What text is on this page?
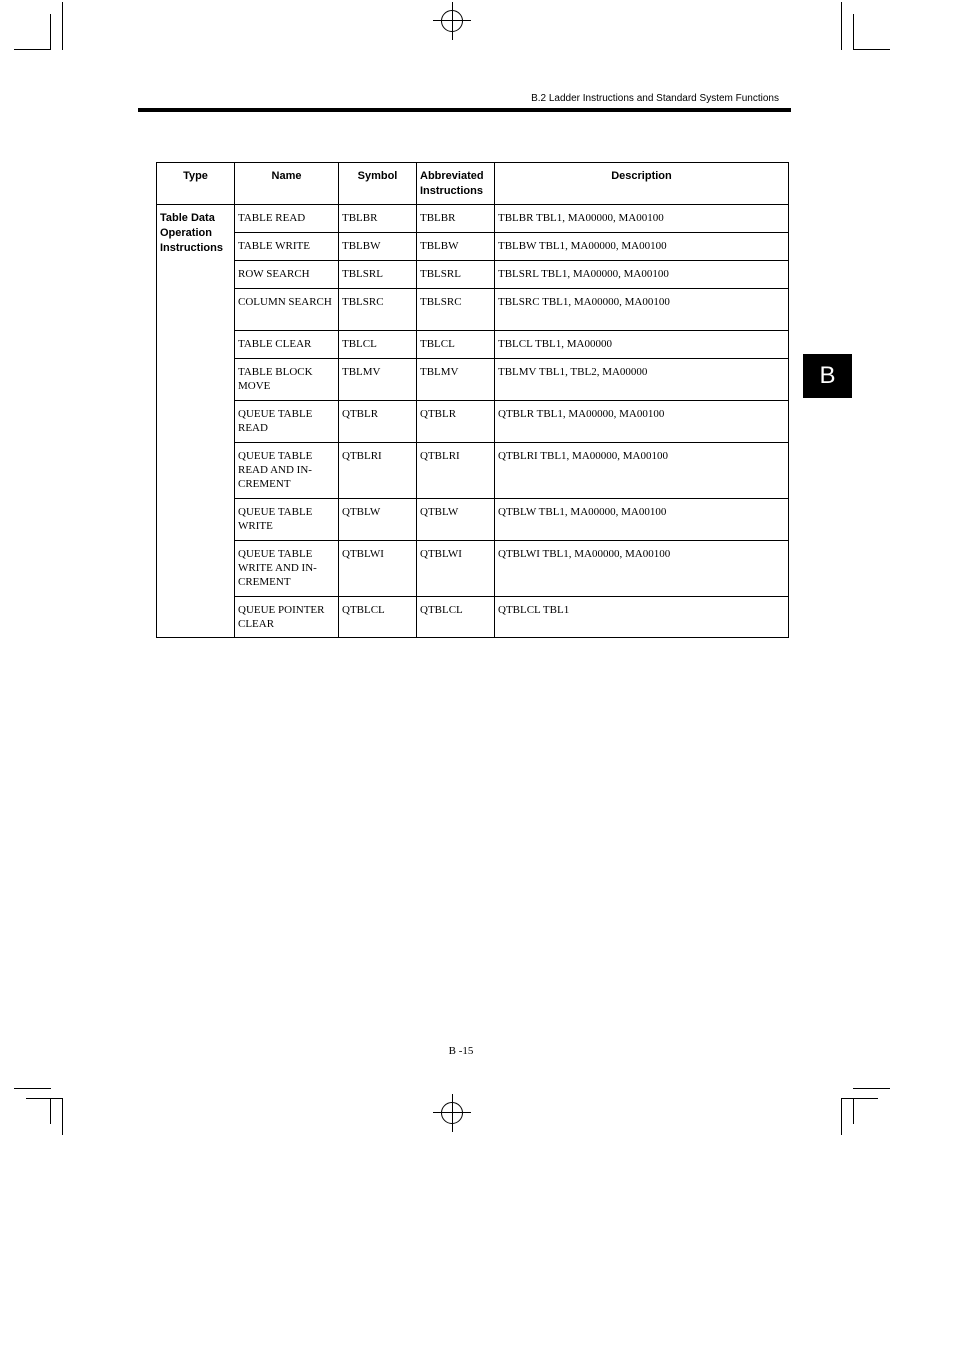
B.2 Ladder Instructions and Standard System Functions
B
Type	Name	Symbol	Abbreviated Instructions	Description
Table Data Operation Instructions	TABLE READ	TBLBR	TBLBR	TBLBR TBL1, MA00000, MA00100
	TABLE WRITE	TBLBW	TBLBW	TBLBW TBL1, MA00000, MA00100
	ROW SEARCH	TBLSRL	TBLSRL	TBLSRL TBL1, MA00000, MA00100
	COLUMN SEARCH	TBLSRC	TBLSRC	TBLSRC TBL1, MA00000, MA00100
	TABLE CLEAR	TBLCL	TBLCL	TBLCL TBL1, MA00000
	TABLE BLOCK MOVE	TBLMV	TBLMV	TBLMV TBL1, TBL2, MA00000
	QUEUE TABLE READ	QTBLR	QTBLR	QTBLR TBL1, MA00000, MA00100
	QUEUE TABLE READ AND IN-CREMENT	QTBLRI	QTBLRI	QTBLRI TBL1, MA00000, MA00100
	QUEUE TABLE WRITE	QTBLW	QTBLW	QTBLW TBL1, MA00000, MA00100
	QUEUE TABLE WRITE AND IN-CREMENT	QTBLWI	QTBLWI	QTBLWI TBL1, MA00000, MA00100
	QUEUE POINTER CLEAR	QTBLCL	QTBLCL	QTBLCL TBL1
B -15
